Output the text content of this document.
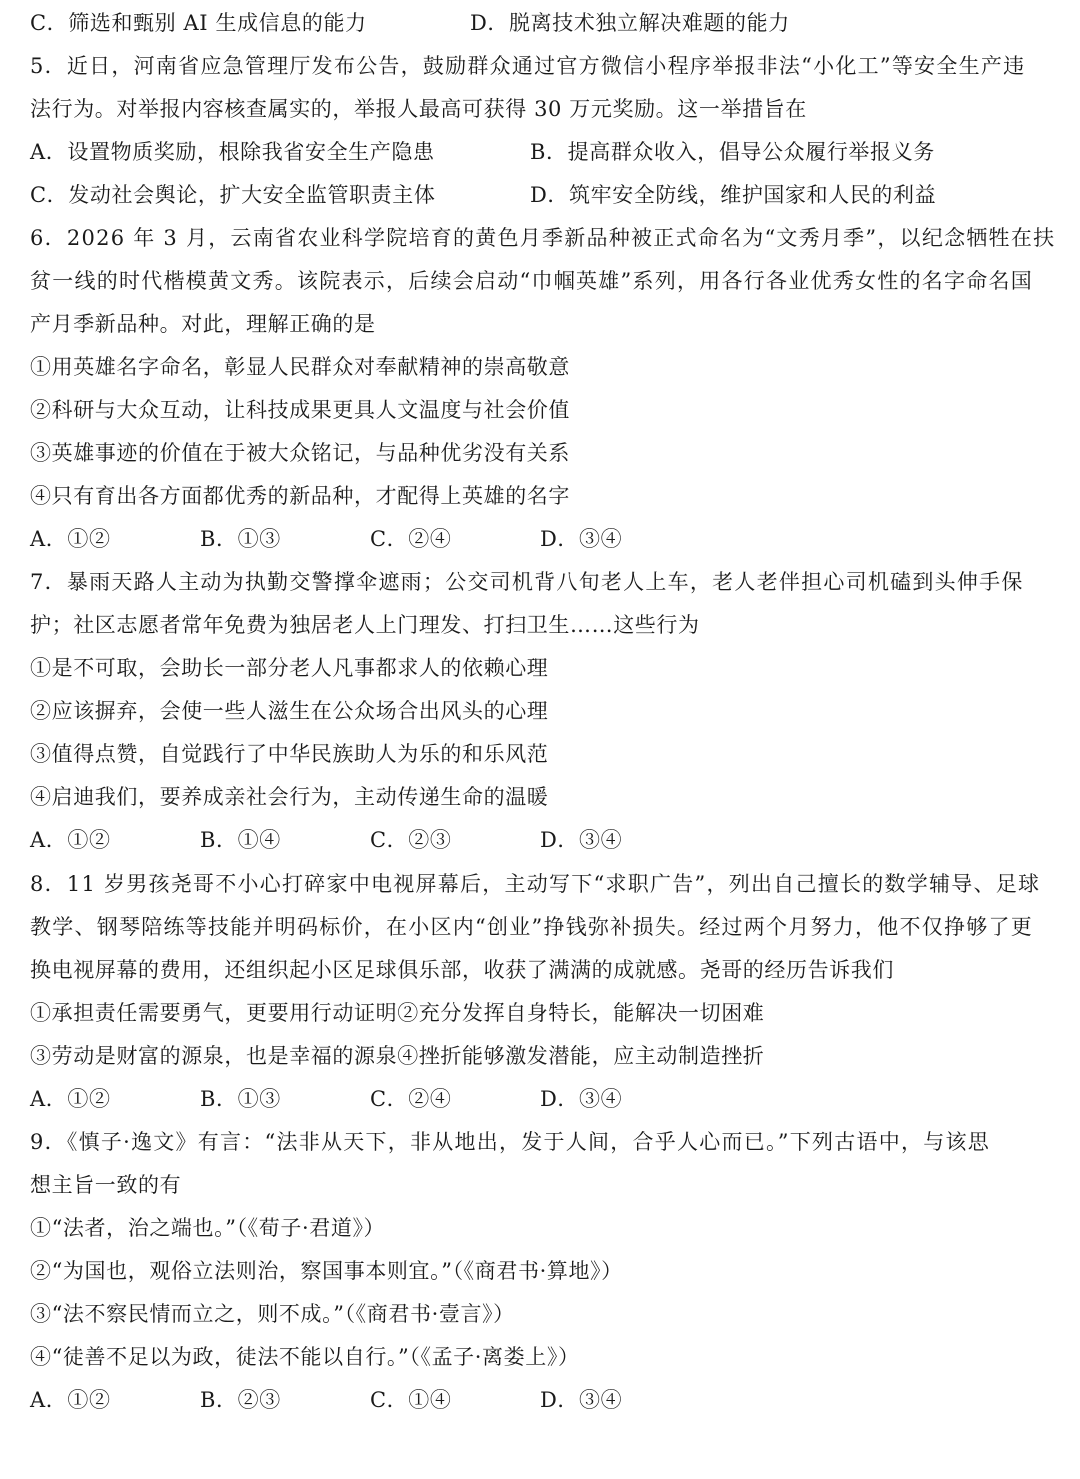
C．筛选和甄别 AI 生成信息的能力	D．脱离技术独立解决难题的能力
5．近日，河南省应急管理厅发布公告，鼓励群众通过官方微信小程序举报非法“小化工”等安全生产违
法行为。对举报内容核查属实的，举报人最高可获得 30 万元奖励。这一举措旨在
A．设置物质奖励，根除我省安全生产隐患	B．提高群众收入，倡导公众履行举报义务
C．发动社会舆论，扩大安全监管职责主体	D．筑牢安全防线，维护国家和人民的利益
6．2026 年 3 月，云南省农业科学院培育的黄色月季新品种被正式命名为“文秀月季”，以纪念牺牲在扶
贫一线的时代楷模黄文秀。该院表示，后续会启动“巾帼英雄”系列，用各行各业优秀女性的名字命名国
产月季新品种。对此，理解正确的是
①用英雄名字命名，彰显人民群众对奉献精神的崇高敬意
②科研与大众互动，让科技成果更具人文温度与社会价值
③英雄事迹的价值在于被大众铭记，与品种优劣没有关系
④只有育出各方面都优秀的新品种，才配得上英雄的名字
A．①②	B．①③	C．②④	D．③④
7．暴雨天路人主动为执勤交警撑伞遮雨；公交司机背八旬老人上车，老人老伴担心司机磕到头伸手保
护；社区志愿者常年免费为独居老人上门理发、打扫卫生……这些行为
①是不可取，会助长一部分老人凡事都求人的依赖心理
②应该摒弃，会使一些人滋生在公众场合出风头的心理
③值得点赞，自觉践行了中华民族助人为乐的和乐风范
④启迪我们，要养成亲社会行为，主动传递生命的温暖
A．①②	B．①④	C．②③	D．③④
8．11 岁男孩尧哥不小心打碎家中电视屏幕后，主动写下“求职广告”，列出自己擅长的数学辅导、足球
教学、钢琴陪练等技能并明码标价，在小区内“创业”挣钱弥补损失。经过两个月努力，他不仅挣够了更
换电视屏幕的费用，还组织起小区足球俱乐部，收获了满满的成就感。尧哥的经历告诉我们
①承担责任需要勇气，更要用行动证明②充分发挥自身特长，能解决一切困难
③劳动是财富的源泉，也是幸福的源泉④挫折能够激发潜能，应主动制造挫折
A．①②	B．①③	C．②④	D．③④
9．《慎子·逸文》有言：“法非从天下，非从地出，发于人间，合乎人心而已。”下列古语中，与该思
想主旨一致的有
①“法者，治之端也。”（《荀子·君道》）
②“为国也，观俗立法则治，察国事本则宜。”（《商君书·算地》）
③“法不察民情而立之，则不成。”（《商君书·壹言》）
④“徒善不足以为政，徒法不能以自行。”（《孟子·离娄上》）
A．①②	B．②③	C．①④	D．③④
